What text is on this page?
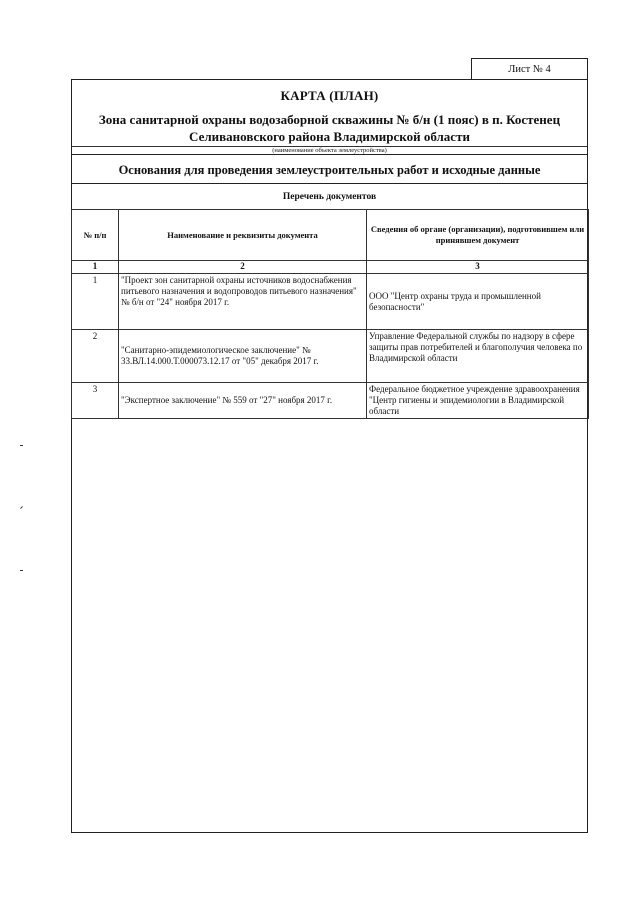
Лист № 4
КАРТА (ПЛАН)
Зона санитарной охраны водозаборной скважины № б/н (1 пояс) в п. Костенец Селивановского района Владимирской области
(наименование объекта землеустройства)
Основания для проведения землеустроительных работ и исходные данные
Перечень документов
№ п/п	Наименование и реквизиты документа	Сведения об органе (организации), подготовившем или принявшем документ
1	2	3
1	"Проект зон санитарной охраны источников водоснабжения питьевого назначения и водопроводов питьевого назначения" № б/н от "24" ноября 2017 г.	ООО "Центр охраны труда и промышленной безопасности"
2	"Санитарно-эпидемиологическое заключение" № 33.ВЛ.14.000.Т.000073.12.17 от "05" декабря 2017 г.	Управление Федеральной службы по надзору в сфере защиты прав потребителей и благополучия человека по Владимирской области
3	"Экспертное заключение" № 559 от "27" ноября 2017 г.	Федеральное бюджетное учреждение здравоохранения "Центр гигиены и эпидемиологии в Владимирской области
